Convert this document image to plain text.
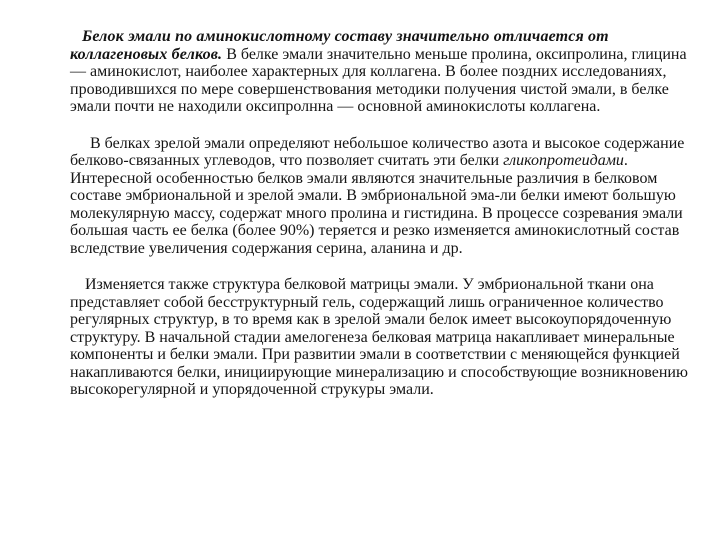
Белок эмали по аминокислотному составу значительно отличается от коллагеновых белков. В белке эмали значительно меньше пролина, оксипролина, глицина — аминокислот, наиболее характерных для коллагена. В более поздних исследованиях, проводившихся по мере совершенствования методики получения чистой эмали, в белке эмали почти не находили оксипролнна — основной аминокислоты коллагена.

В белках зрелой эмали определяют небольшое количество азота и высокое содержание белково-связанных углеводов, что позволяет считать эти белки гликопротеидами. Интересной особенностью белков эмали являются значительные различия в белковом составе эмбриональной и зрелой эмали. В эмбриональной эма-ли белки имеют большую молекулярную массу, содержат много пролина и гистидина. В процессе созревания эмали большая часть ее белка (более 90%) теряется и резко изменяется аминокислотный состав вследствие увеличения содержания серина, аланина и др.

Изменяется также структура белковой матрицы эмали. У эмбриональной ткани она представляет собой бесструктурный гель, содержащий лишь ограниченное количество регулярных структур, в то время как в зрелой эмали белок имеет высокоупорядоченную структуру. В начальной стадии амелогенеза белковая матрица накапливает минеральные компоненты и белки эмали. При развитии эмали в соответствии с меняющейся функцией накапливаются белки, инициирующие минерализацию и способствующие возникновению высокорегулярной и упорядоченной струкуры эмали.
